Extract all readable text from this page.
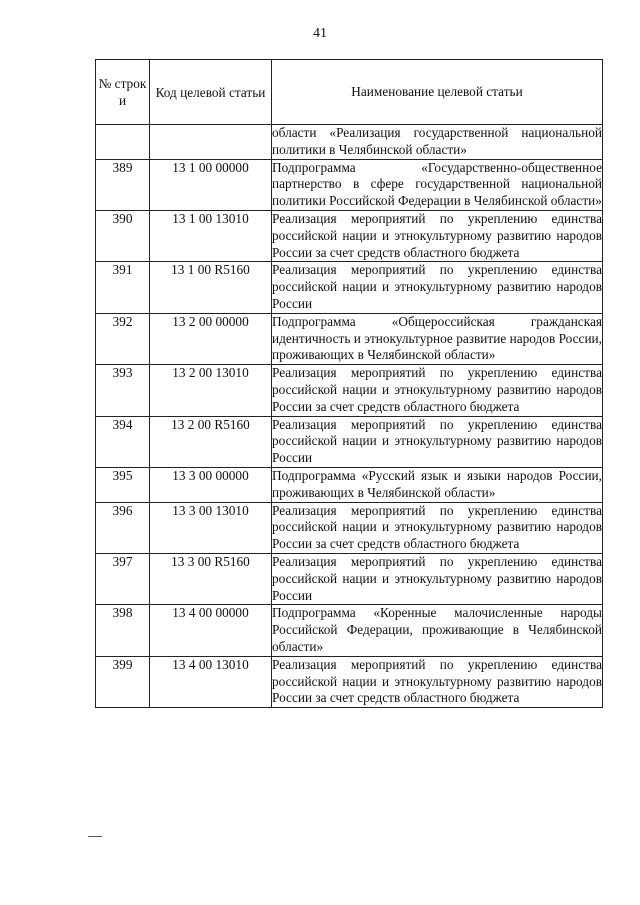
41
№ строк и	Код целевой статьи	Наименование целевой статьи
		области «Реализация государственной национальной политики в Челябинской области»
389	13 1 00 00000	Подпрограмма «Государственно-общественное партнерство в сфере государственной национальной политики Российской Федерации в Челябинской области»
390	13 1 00 13010	Реализация мероприятий по укреплению единства российской нации и этнокультурному развитию народов России за счет средств областного бюджета
391	13 1 00 R5160	Реализация мероприятий по укреплению единства российской нации и этнокультурному развитию народов России
392	13 2 00 00000	Подпрограмма «Общероссийская гражданская идентичность и этнокультурное развитие народов России, проживающих в Челябинской области»
393	13 2 00 13010	Реализация мероприятий по укреплению единства российской нации и этнокультурному развитию народов России за счет средств областного бюджета
394	13 2 00 R5160	Реализация мероприятий по укреплению единства российской нации и этнокультурному развитию народов России
395	13 3 00 00000	Подпрограмма «Русский язык и языки народов России, проживающих в Челябинской области»
396	13 3 00 13010	Реализация мероприятий по укреплению единства российской нации и этнокультурному развитию народов России за счет средств областного бюджета
397	13 3 00 R5160	Реализация мероприятий по укреплению единства российской нации и этнокультурному развитию народов России
398	13 4 00 00000	Подпрограмма «Коренные малочисленные народы Российской Федерации, проживающие в Челябинской области»
399	13 4 00 13010	Реализация мероприятий по укреплению единства российской нации и этнокультурному развитию народов России за счет средств областного бюджета
